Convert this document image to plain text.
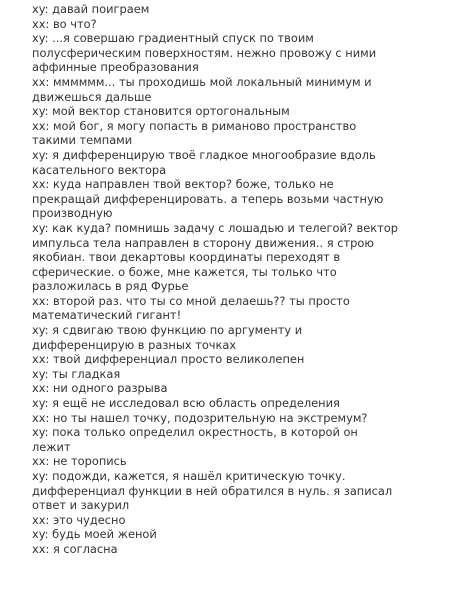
xy: давай поиграем
xx: во что?
xy: ...я совершаю градиентный спуск по твоим
полусферическим поверхностям. нежно провожу с ними
аффинные преобразования
xx: мммммм... ты проходишь мой локальный минимум и
движешься дальше
xy: мой вектор становится ортогональным
xx: мой бог, я могу попасть в риманово пространство
такими темпами
xy: я дифференцирую твоё гладкое многообразие вдоль
касательного вектора
xx: куда направлен твой вектор? боже, только не
прекращай дифференцировать. а теперь возьми частную
производную
xy: как куда? помнишь задачу с лошадью и телегой? вектор
импульса тела направлен в сторону движения.. я строю
якобиан. твои декартовы координаты переходят в
сферические. о боже, мне кажется, ты только что
разложилась в ряд Фурье
xx: второй раз. что ты со мной делаешь?? ты просто
математический гигант!
xy: я сдвигаю твою функцию по аргументу и
дифференцирую в разных точках
xx: твой дифференциал просто великолепен
xy: ты гладкая
xx: ни одного разрыва
xy: я ещё не исследовал всю область определения
xx: но ты нашел точку, подозрительную на экстремум?
xy: пока только определил окрестность, в которой он
лежит
xx: не торопись
xy: подожди, кажется, я нашёл критическую точку.
дифференциал функции в ней обратился в нуль. я записал
ответ и закурил
xx: это чудесно
xy: будь моей женой
xx: я согласна
